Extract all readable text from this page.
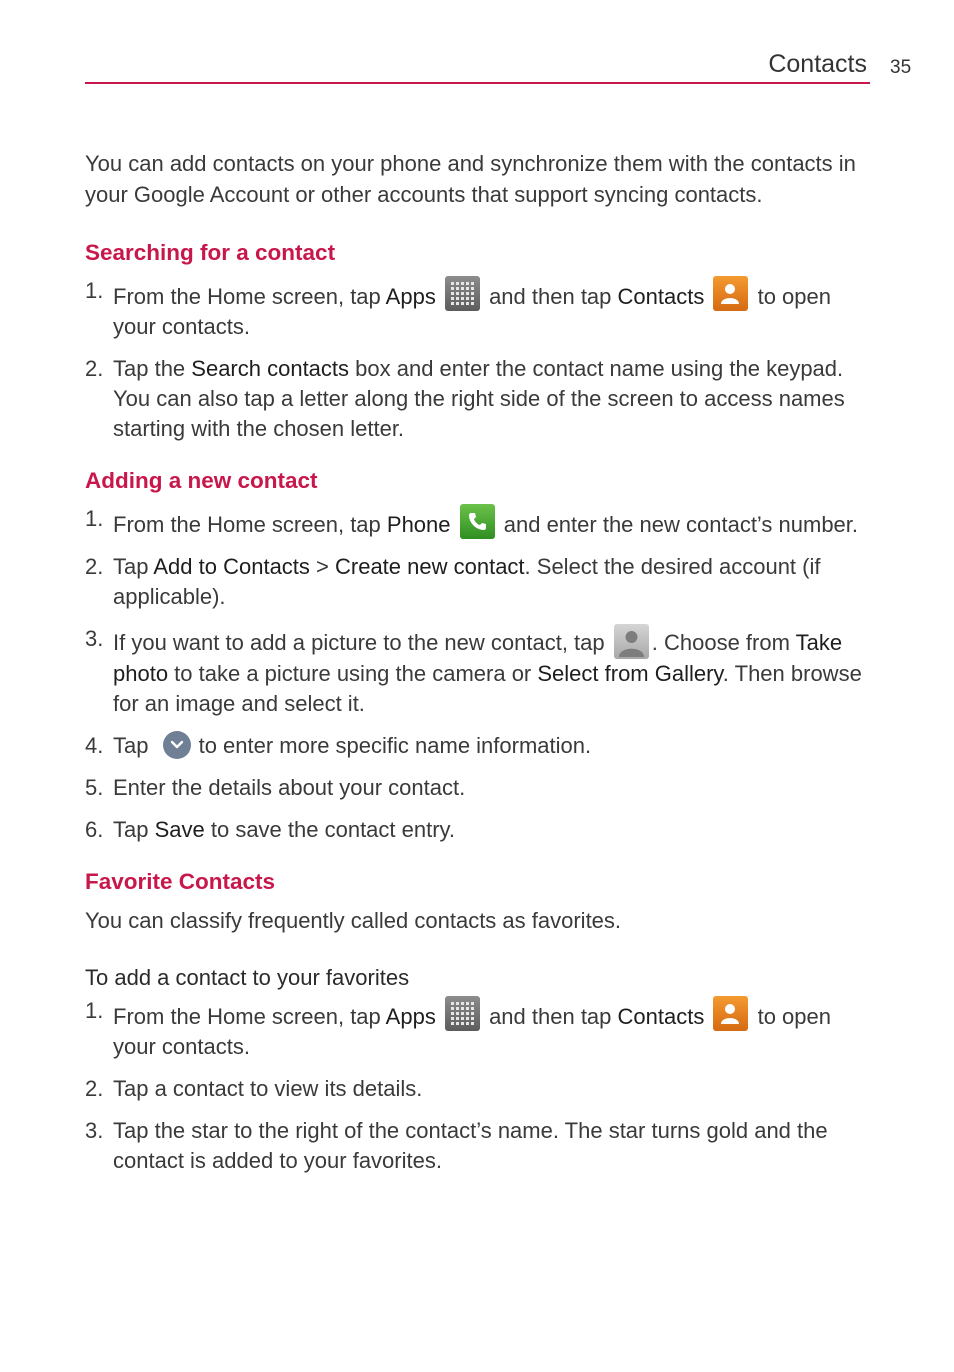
Contacts 35

You can add contacts on your phone and synchronize them with the contacts in your Google Account or other accounts that support syncing contacts.

Searching for a contact
1. From the Home screen, tap Apps
and then tap Contacts
to open your contacts.
2. Tap the Search contacts box and enter the contact name using the keypad. You can also tap a letter along the right side of the screen to access names starting with the chosen letter.
Adding a new contact
1. From the Home screen, tap Phone
and enter the new contact’s number.
2. Tap Add to Contacts > Create new contact. Select the desired account (if applicable).
3. If you want to add a picture to the new contact, tap
. Choose from Take photo to take a picture using the camera or Select from Gallery. Then browse for an image and select it.
4. Tap
to enter more specific name information.
5. Enter the details about your contact.
6. Tap Save to save the contact entry.
Favorite Contacts

You can classify frequently called contacts as favorites.

To add a contact to your favorites
1. From the Home screen, tap Apps
and then tap Contacts
to open your contacts.
2. Tap a contact to view its details.
3. Tap the star to the right of the contact’s name. The star turns gold and the contact is added to your favorites.
